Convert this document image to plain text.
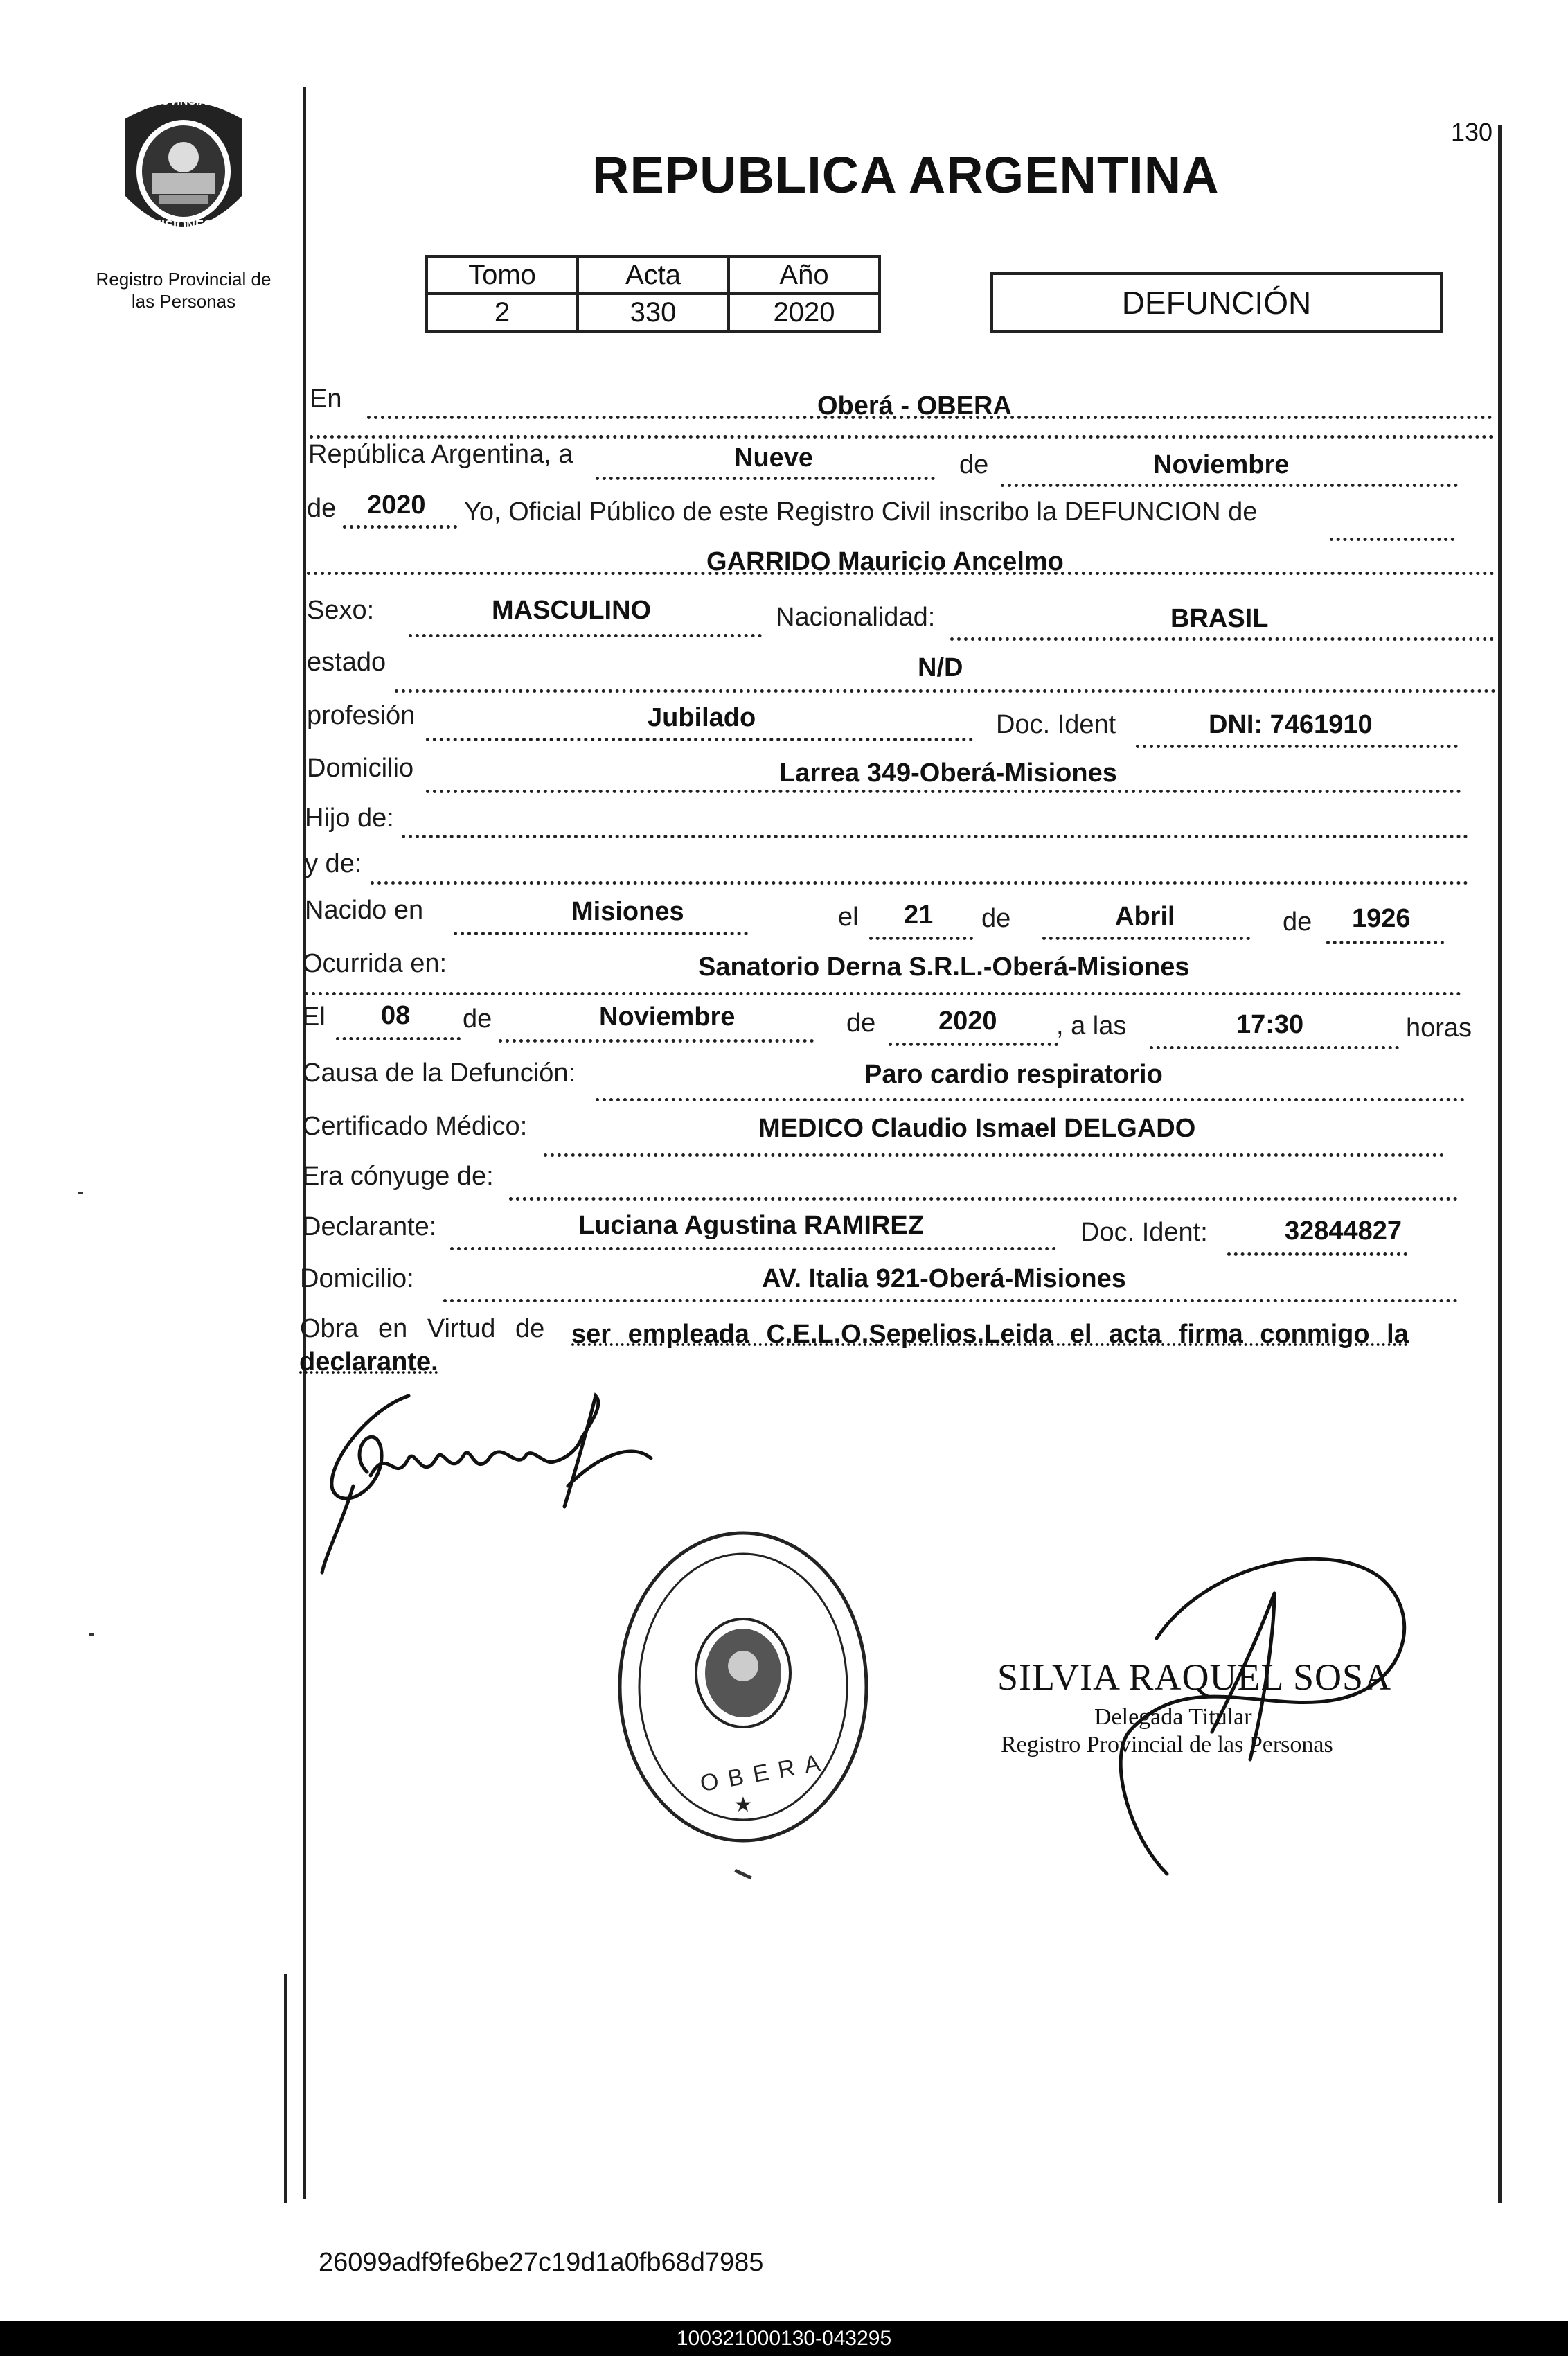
PROVINCIA DE
MISIONES
Registro Provincial de
las Personas
130
REPUBLICA ARGENTINA
Tomo	Acta	Año
2	330	2020	DEFUNCIÓN
En	Oberá - OBERA
República Argentina, a	Nueve	de	Noviembre
de 2020 Yo, Oficial Público de este Registro Civil inscribo la DEFUNCION de
GARRIDO Mauricio Ancelmo
Sexo:	MASCULINO	Nacionalidad:	BRASIL
estado	N/D
profesión	Jubilado	Doc. Ident	DNI: 7461910
Domicilio	Larrea 349-Oberá-Misiones
Hijo de:
y de:
Nacido en	Misiones	el 21 de	Abril	de 1926
Ocurrida en:	Sanatorio Derna S.R.L.-Oberá-Misiones
El 08 de	Noviembre	de 2020 , a las	17:30	horas
Causa de la Defunción:	Paro cardio respiratorio
Certificado Médico:	MEDICO Claudio Ismael DELGADO
Era cónyuge de:
Declarante:	Luciana Agustina RAMIREZ	Doc. Ident:	32844827
Domicilio:	AV. Italia 921-Oberá-Misiones
Obra en Virtud de ser empleada C.E.L.O.Sepelios.Leida el acta firma conmigo la
declarante.
★
OBERA
SILVIA RAQUEL SOSA
Delegada Titular
Registro Provincial de las Personas
26099adf9fe6be27c19d1a0fb68d7985
100321000130-043295
